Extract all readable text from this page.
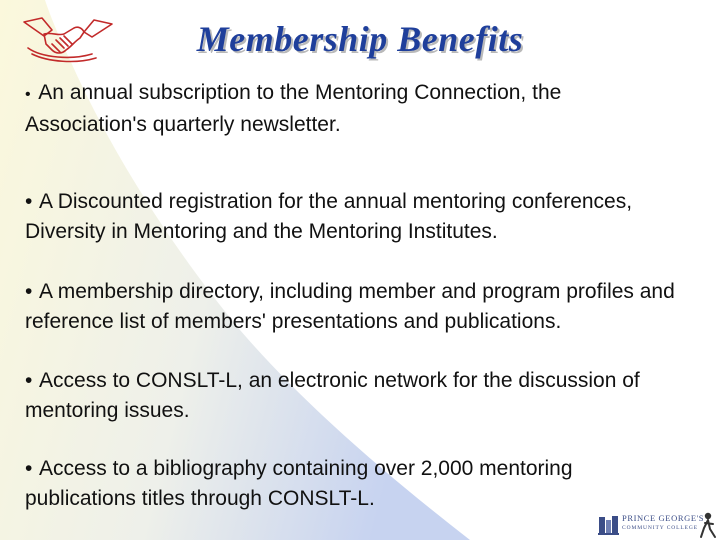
Membership Benefits

• An annual subscription to the Mentoring Connection, the Association's quarterly newsletter.

• A Discounted registration for the annual mentoring conferences, Diversity in Mentoring and the Mentoring Institutes.

• A membership directory, including member and program profiles and reference list of members' presentations and publications.

• Access to CONSLT-L, an electronic network for the discussion of mentoring issues.

• Access to a bibliography containing over 2,000 mentoring publications titles through CONSLT-L.

PRINCE GEORGE'S
COMMUNITY COLLEGE
